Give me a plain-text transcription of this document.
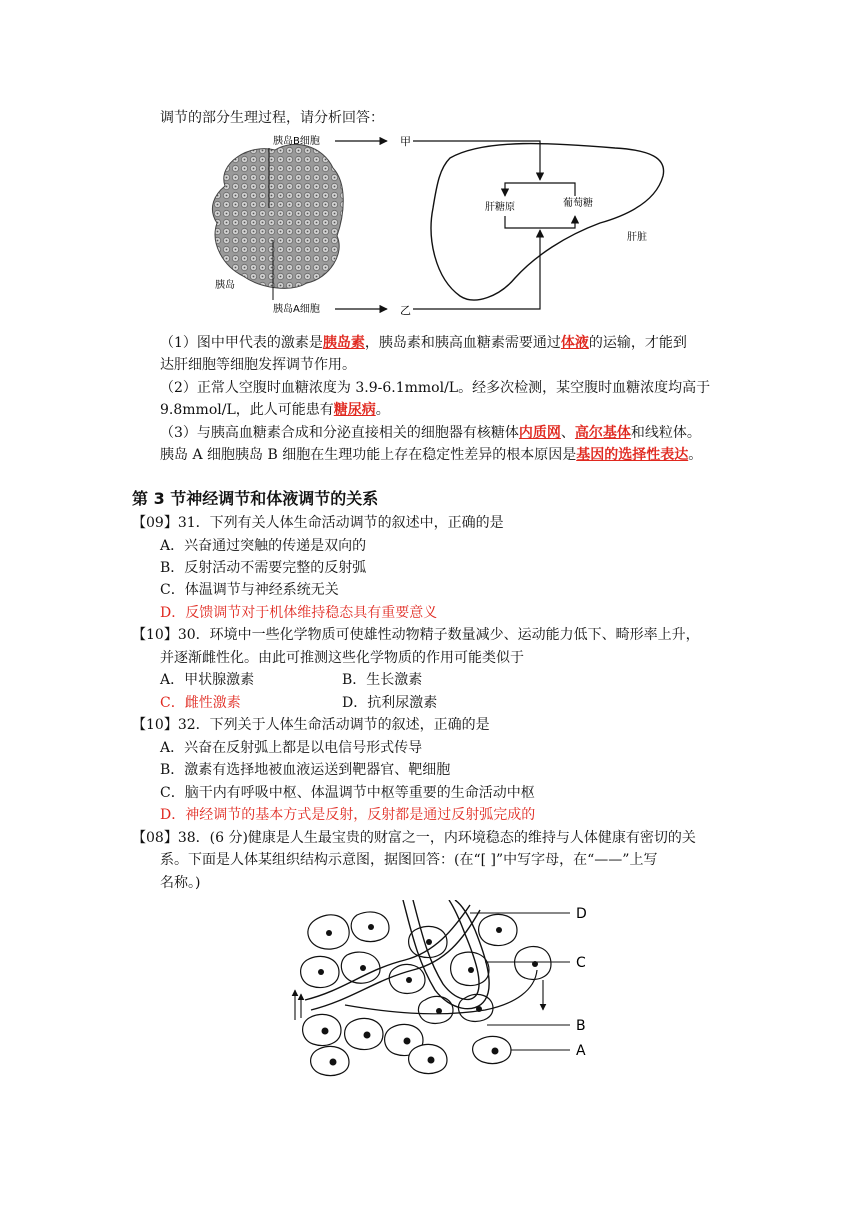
调节的部分生理过程，请分析回答：
胰岛B细胞
胰岛
胰岛A细胞
甲
乙
肝糖原	葡萄糖
肝脏
（1）图中甲代表的激素是胰岛素，胰岛素和胰高血糖素需要通过体液的运输，才能到
达肝细胞等细胞发挥调节作用。
（2）正常人空腹时血糖浓度为 3.9-6.1mmol/L。经多次检测，某空腹时血糖浓度均高于
9.8mmol/L，此人可能患有糖尿病。
（3）与胰高血糖素合成和分泌直接相关的细胞器有核糖体内质网、高尔基体和线粒体。
胰岛 A 细胞胰岛 B 细胞在生理功能上存在稳定性差异的根本原因是基因的选择性表达。
第 3 节神经调节和体液调节的关系
【09】31．下列有关人体生命活动调节的叙述中，正确的是
A．兴奋通过突触的传递是双向的
B．反射活动不需要完整的反射弧
C．体温调节与神经系统无关
D．反馈调节对于机体维持稳态具有重要意义
【10】30．环境中一些化学物质可使雄性动物精子数量减少、运动能力低下、畸形率上升，
并逐渐雌性化。由此可推测这些化学物质的作用可能类似于
A．甲状腺激素	B．生长激素
C．雌性激素	D．抗利尿激素
【10】32．下列关于人体生命活动调节的叙述，正确的是
A．兴奋在反射弧上都是以电信号形式传导
B．激素有选择地被血液运送到靶器官、靶细胞
C．脑干内有呼吸中枢、体温调节中枢等重要的生命活动中枢
D．神经调节的基本方式是反射，反射都是通过反射弧完成的
【08】38．(6 分)健康是人生最宝贵的财富之一，内环境稳态的维持与人体健康有密切的关
系。下面是人体某组织结构示意图，据图回答：(在“[ ]”中写字母，在“——”上写
名称。)
D
C
B
A
